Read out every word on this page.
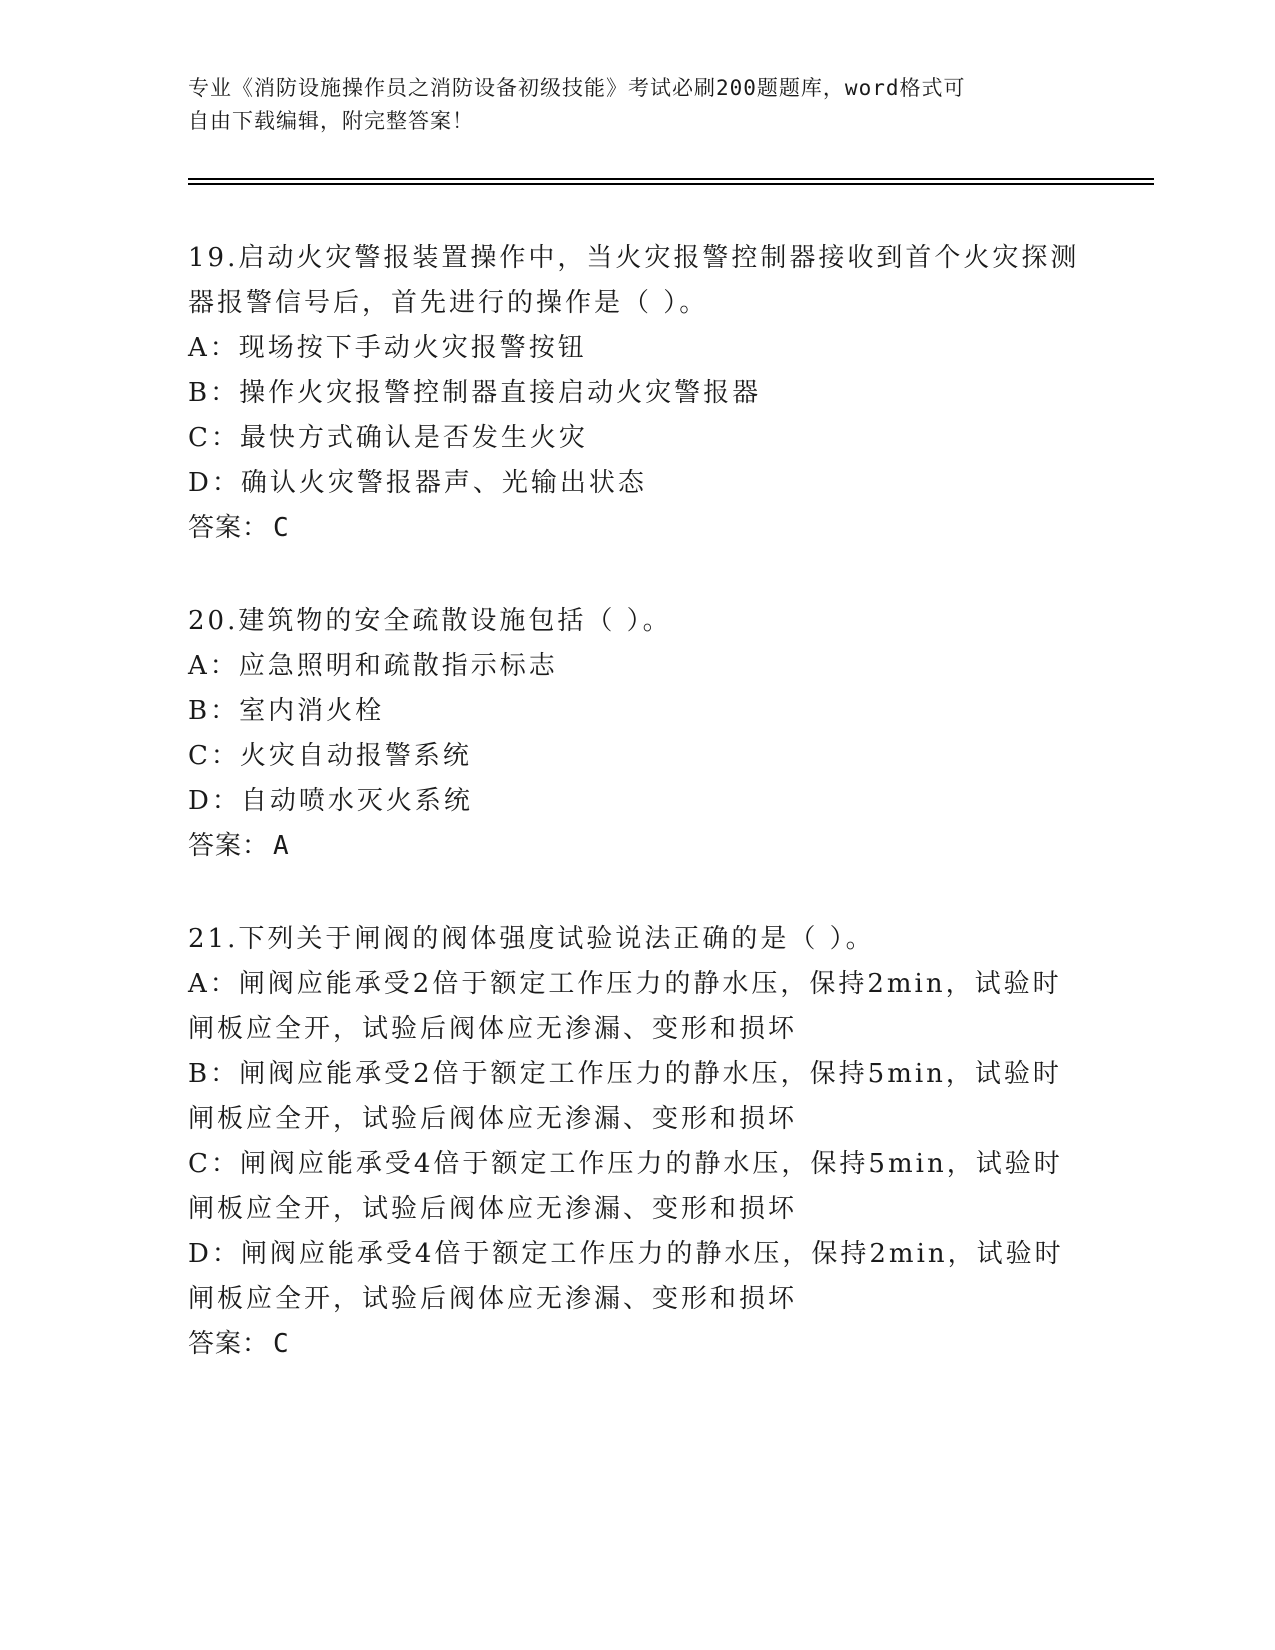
专业《消防设施操作员之消防设备初级技能》考试必刷200题题库，word格式可
自由下载编辑，附完整答案！
19.启动火灾警报装置操作中，当火灾报警控制器接收到首个火灾探测
器报警信号后，首先进行的操作是（ ）。
A：现场按下手动火灾报警按钮
B：操作火灾报警控制器直接启动火灾警报器
C：最快方式确认是否发生火灾
D：确认火灾警报器声、光输出状态
答案： C
20.建筑物的安全疏散设施包括（ ）。
A：应急照明和疏散指示标志
B：室内消火栓
C：火灾自动报警系统
D：自动喷水灭火系统
答案： A
21.下列关于闸阀的阀体强度试验说法正确的是（ ）。
A：闸阀应能承受2倍于额定工作压力的静水压，保持2min，试验时闸板应全开，试验后阀体应无渗漏、变形和损坏
B：闸阀应能承受2倍于额定工作压力的静水压，保持5min，试验时闸板应全开，试验后阀体应无渗漏、变形和损坏
C：闸阀应能承受4倍于额定工作压力的静水压，保持5min，试验时闸板应全开，试验后阀体应无渗漏、变形和损坏
D：闸阀应能承受4倍于额定工作压力的静水压，保持2min，试验时闸板应全开，试验后阀体应无渗漏、变形和损坏
答案： C
